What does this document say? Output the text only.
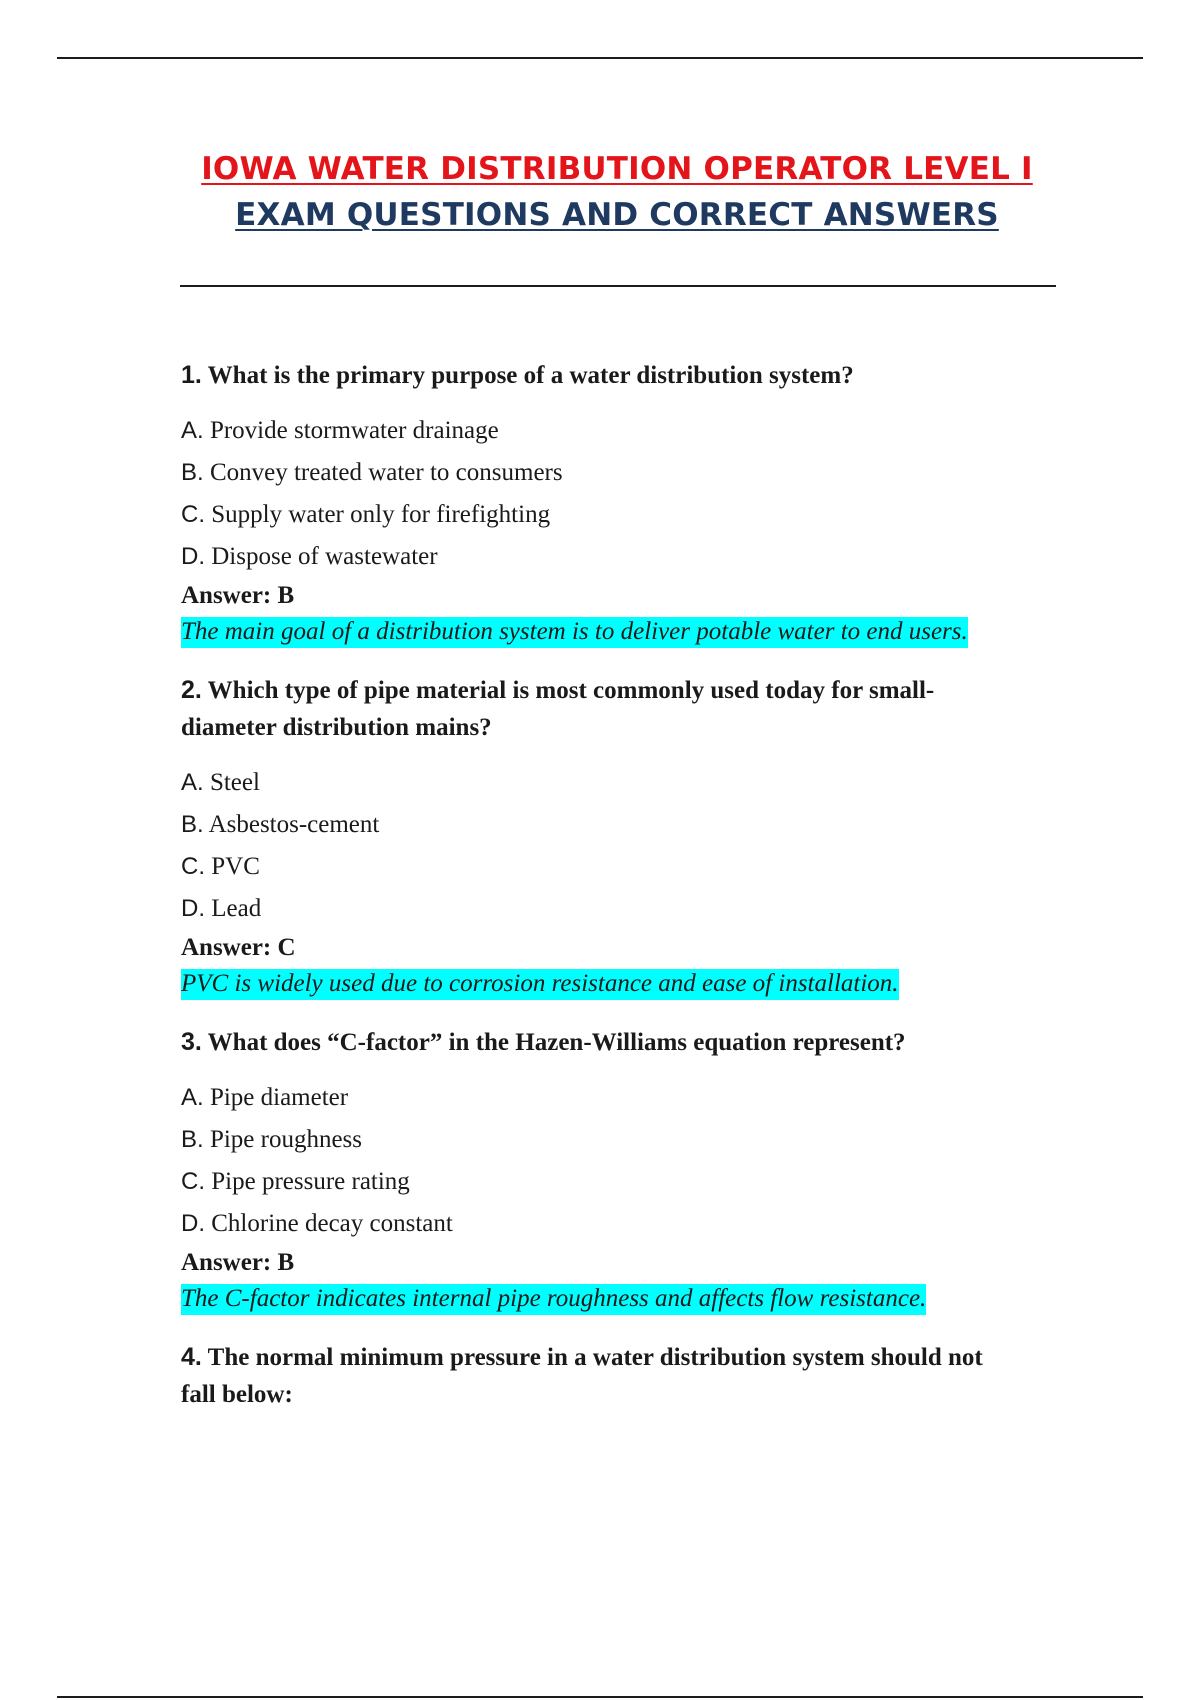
IOWA WATER DISTRIBUTION OPERATOR LEVEL I
EXAM QUESTIONS AND CORRECT ANSWERS

1. What is the primary purpose of a water distribution system?

A. Provide stormwater drainage

B. Convey treated water to consumers

C. Supply water only for firefighting

D. Dispose of wastewater

Answer: B

The main goal of a distribution system is to deliver potable water to end users.

2. Which type of pipe material is most commonly used today for small-diameter distribution mains?

A. Steel

B. Asbestos-cement

C. PVC

D. Lead

Answer: C

PVC is widely used due to corrosion resistance and ease of installation.

3. What does “C-factor” in the Hazen-Williams equation represent?

A. Pipe diameter

B. Pipe roughness

C. Pipe pressure rating

D. Chlorine decay constant

Answer: B

The C-factor indicates internal pipe roughness and affects flow resistance.

4. The normal minimum pressure in a water distribution system should not fall below:
